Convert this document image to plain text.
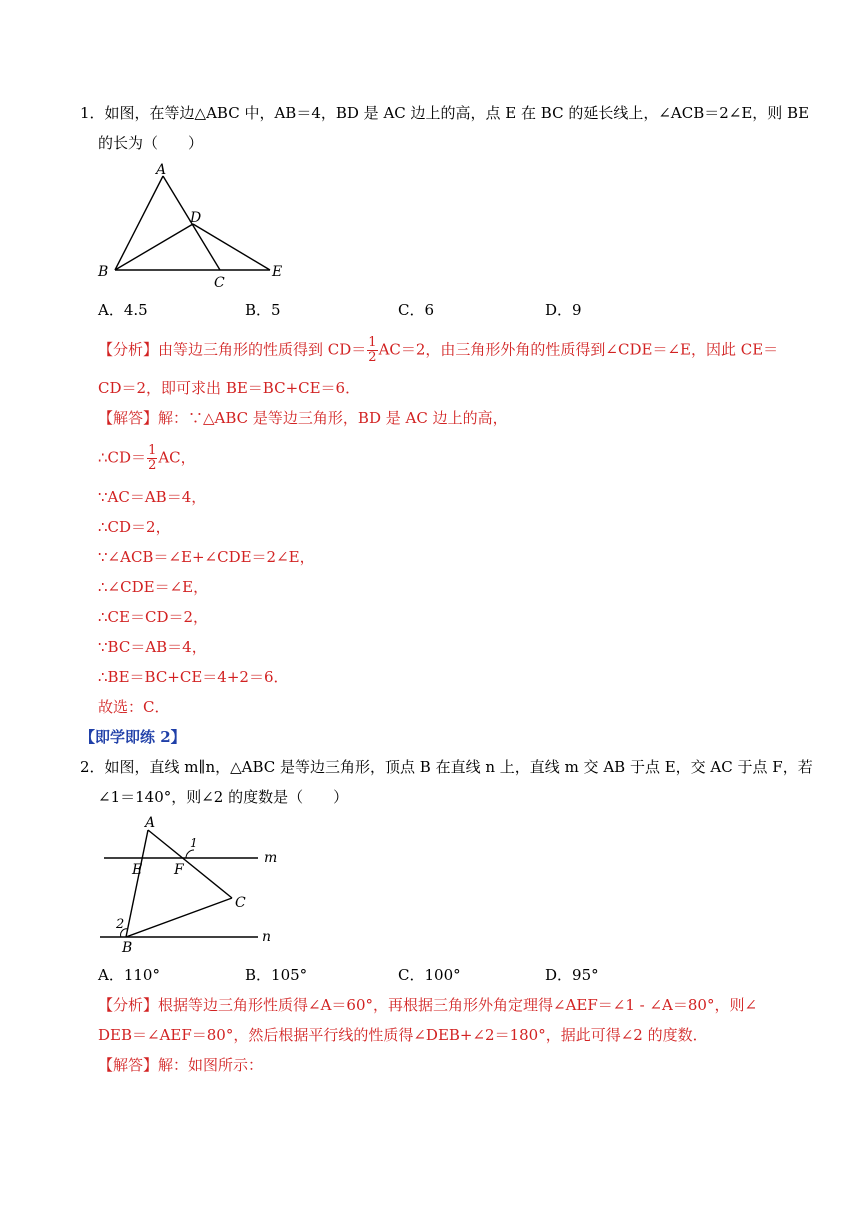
1．如图，在等边△ABC 中，AB＝4，BD 是 AC 边上的高，点 E 在 BC 的延长线上，∠ACB＝2∠E，则 BE
的长为（　　）
A
D
B
C
E
A．4.5	B．5	C．6	D．9
【分析】由等边三角形的性质得到 $CD= \frac{1}{2} AC=2$，由三角形外角的性质得到∠CDE＝∠E，因此 CE＝
CD＝2，即可求出 BE＝BC+CE＝6．
【解答】解：∵△ABC 是等边三角形，BD 是 AC 边上的高，
∴CD＝ $\frac{1}{2}$ AC，
∵AC＝AB＝4，
∴CD＝2，
∵∠ACB＝∠E+∠CDE＝2∠E，
∴∠CDE＝∠E，
∴CE＝CD＝2，
∵BC＝AB＝4，
∴BE＝BC+CE＝4+2＝6．
故选：C．
【即学即练 2】
2．如图，直线 m∥n，△ABC 是等边三角形，顶点 B 在直线 n 上，直线 m 交 AB 于点 E，交 AC 于点 F，若
∠1＝140°，则∠2 的度数是（　　）
A
1
m
E F
C
2
n
B
A．110°	B．105°	C．100°	D．95°
【分析】根据等边三角形性质得∠A＝60°，再根据三角形外角定理得∠AEF＝∠1 - ∠A＝80°，则∠
DEB＝∠AEF＝80°，然后根据平行线的性质得∠DEB+∠2＝180°，据此可得∠2 的度数．
【解答】解：如图所示：
